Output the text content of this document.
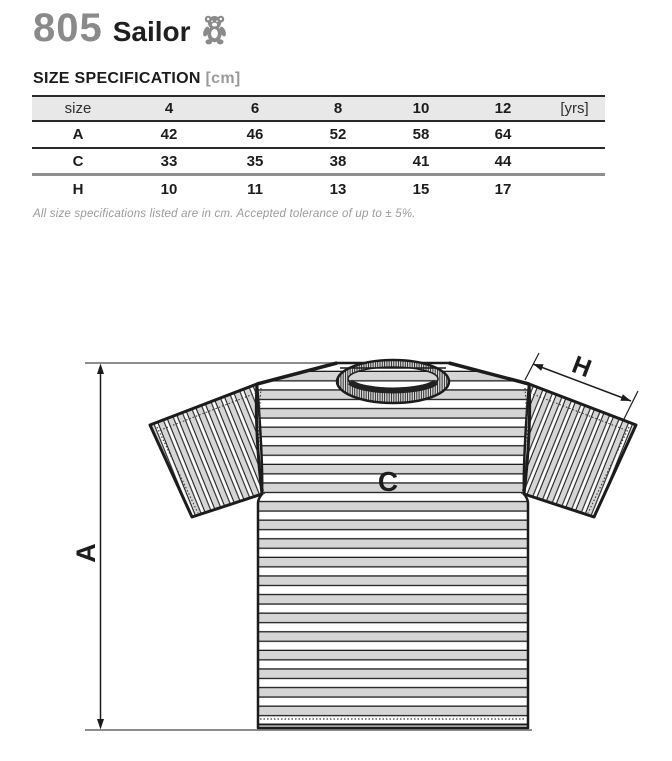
805 Sailor
SIZE SPECIFICATION [cm]
size	4	6	8	10	12	[yrs]
A	42	46	52	58	64
C	33	35	38	41	44
H	10	11	13	15	17
All size specifications listed are in cm. Accepted tolerance of up to ± 5%.
A
C
H
